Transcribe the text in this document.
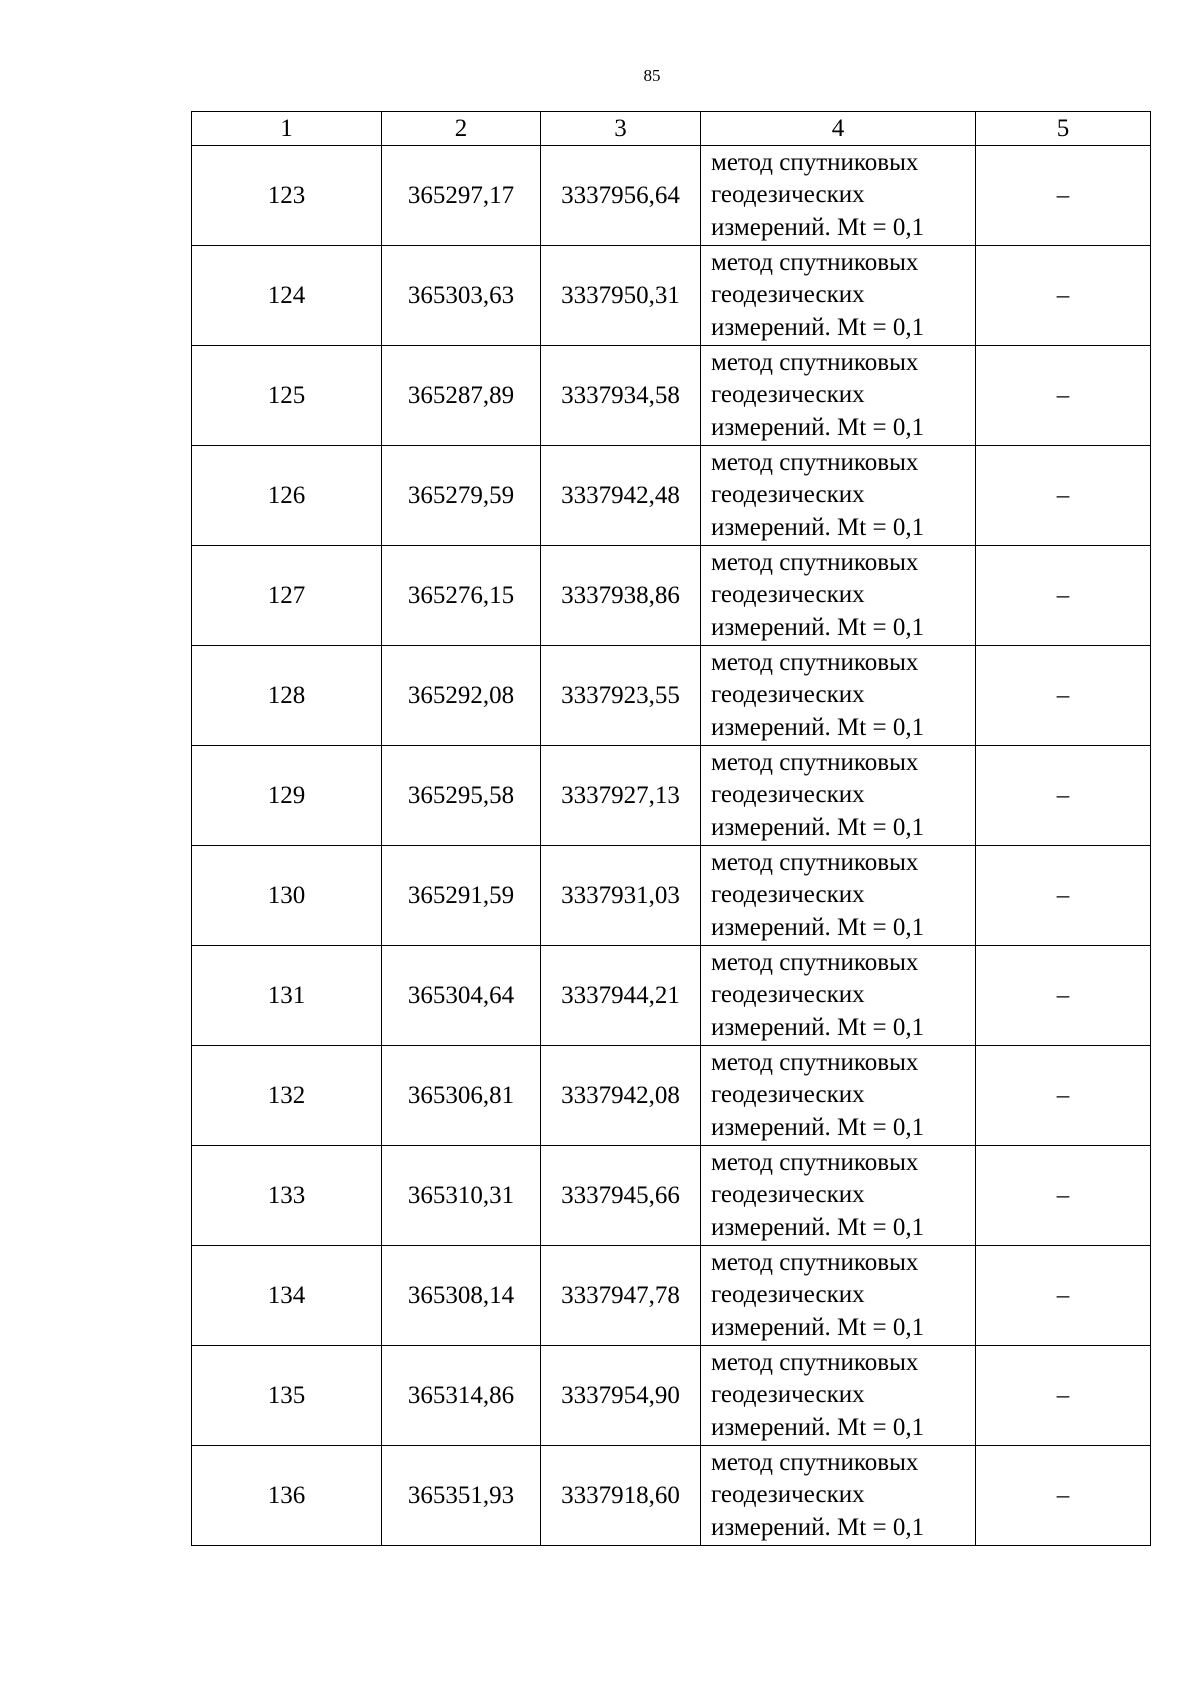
85
1	2	3	4	5
123	365297,17	3337956,64	метод спутниковых
геодезических
измерений. Mt = 0,1	–
124	365303,63	3337950,31	метод спутниковых
геодезических
измерений. Mt = 0,1	–
125	365287,89	3337934,58	метод спутниковых
геодезических
измерений. Mt = 0,1	–
126	365279,59	3337942,48	метод спутниковых
геодезических
измерений. Mt = 0,1	–
127	365276,15	3337938,86	метод спутниковых
геодезических
измерений. Mt = 0,1	–
128	365292,08	3337923,55	метод спутниковых
геодезических
измерений. Mt = 0,1	–
129	365295,58	3337927,13	метод спутниковых
геодезических
измерений. Mt = 0,1	–
130	365291,59	3337931,03	метод спутниковых
геодезических
измерений. Mt = 0,1	–
131	365304,64	3337944,21	метод спутниковых
геодезических
измерений. Mt = 0,1	–
132	365306,81	3337942,08	метод спутниковых
геодезических
измерений. Mt = 0,1	–
133	365310,31	3337945,66	метод спутниковых
геодезических
измерений. Mt = 0,1	–
134	365308,14	3337947,78	метод спутниковых
геодезических
измерений. Mt = 0,1	–
135	365314,86	3337954,90	метод спутниковых
геодезических
измерений. Mt = 0,1	–
136	365351,93	3337918,60	метод спутниковых
геодезических
измерений. Mt = 0,1	–
